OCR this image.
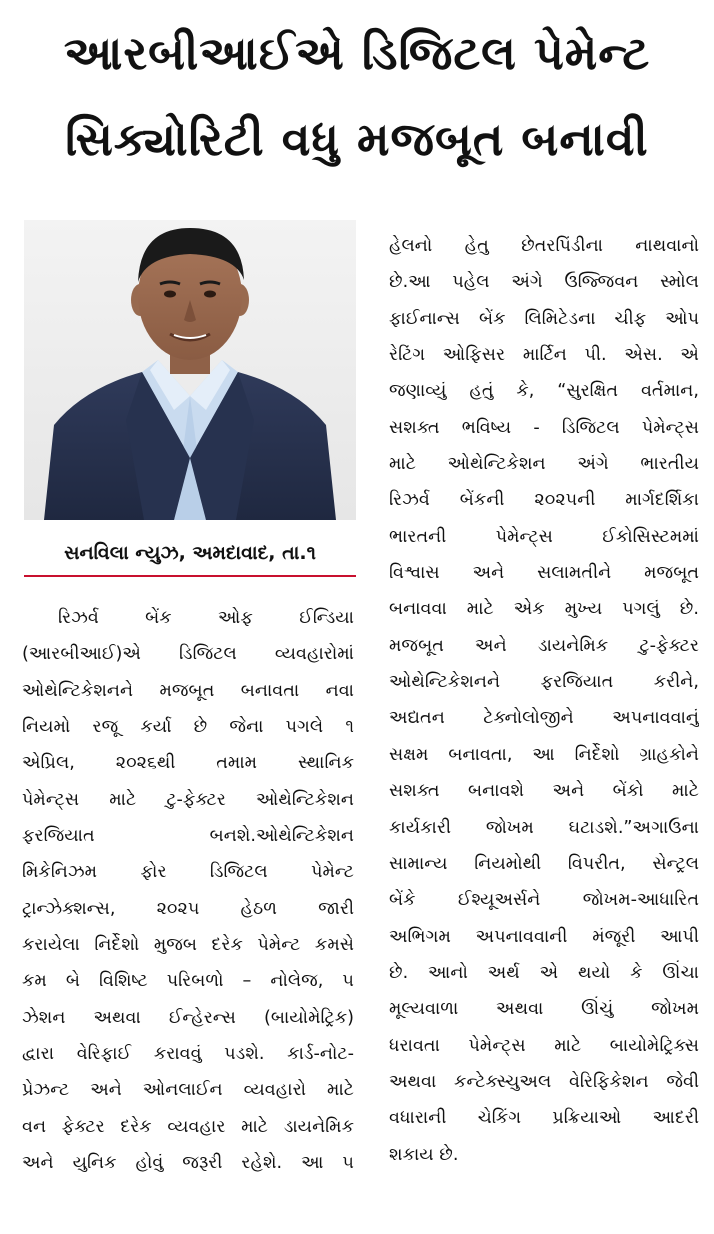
આરબીઆઈએ ડિજિટલ પેમેન્ટ
સિક્યોરિટી વધુ મજબૂત બનાવી
સનવિલા ન્યુઝ, અમદાવાદ, તા.૧
રિઝર્વ બેંક ઓફ ઈન્ડિયા
(આરબીઆઈ)એ ડિજિટલ વ્યવહારોમાં
ઓથેન્ટિકેશનને મજબૂત બનાવતા નવા
નિયમો રજૂ કર્યા છે જેના પગલે ૧
એપ્રિલ, ૨૦૨૬થી તમામ સ્થાનિક
પેમેન્ટ્સ માટે ટુ-ફેક્ટર ઓથેન્ટિકેશન
ફરજિયાત બનશે.ઓથેન્ટિકેશન
મિકેનિઝમ ફોર ડિજિટલ પેમેન્ટ
ટ્રાન્ઝેક્શન્સ, ૨૦૨૫ હેઠળ જારી
કરાયેલા નિર્દેશો મુજબ દરેક પેમેન્ટ કમસે
કમ બે વિશિષ્ટ પરિબળો – નોલેજ, ૫
ઝેશન અથવા ઈન્હેરન્સ (બાયોમેટ્રિક)
દ્વારા વેરિફાઈ કરાવવું પડશે. કાર્ડ-નોટ-
પ્રેઝન્ટ અને ઓનલાઈન વ્યવહારો માટે
વન ફેક્ટર દરેક વ્યવહાર માટે ડાયનેમિક
અને યુનિક હોવું જરૂરી રહેશે. આ ૫
હેલનો હેતુ છેતરપિંડીના નાથવાનો
છે.આ પહેલ અંગે ઉજ્જિવન સ્મોલ
ફાઈનાન્સ બેંક લિમિટેડના ચીફ ઓપ
રેટિંગ ઓફિસર માર્ટિન પી. એસ. એ
જણાવ્યું હતું કે, “સુરક્ષિત વર્તમાન,
સશક્ત ભવિષ્ય - ડિજિટલ પેમેન્ટ્સ
માટે ઓથેન્ટિકેશન અંગે ભારતીય
રિઝર્વ બેંકની ૨૦૨૫ની માર્ગદર્શિકા
ભારતની પેમેન્ટ્સ ઈકોસિસ્ટમમાં
વિશ્વાસ અને સલામતીને મજબૂત
બનાવવા માટે એક મુખ્ય પગલું છે.
મજબૂત અને ડાયનેમિક ટુ-ફેક્ટર
ઓથેન્ટિકેશનને ફરજિયાત કરીને,
અદ્યતન ટેક્નોલોજીને અપનાવવાનું
સક્ષમ બનાવતા, આ નિર્દેશો ગ્રાહકોને
સશક્ત બનાવશે અને બેંકો માટે
કાર્યકારી જોખમ ઘટાડશે.”અગાઉના
સામાન્ય નિયમોથી વિપરીત, સેન્ટ્રલ
બેંકે ઈશ્યૂઅર્સને જોખમ-આધારિત
અભિગમ અપનાવવાની મંજૂરી આપી
છે. આનો અર્થ એ થયો કે ઊંચા
મૂલ્યવાળા અથવા ઊંચું જોખમ
ધરાવતા પેમેન્ટ્સ માટે બાયોમેટ્રિક્સ
અથવા કન્ટેક્સ્ચુઅલ વેરિફિકેશન જેવી
વધારાની ચેકિંગ પ્રક્રિયાઓ આદરી
શકાય છે.
